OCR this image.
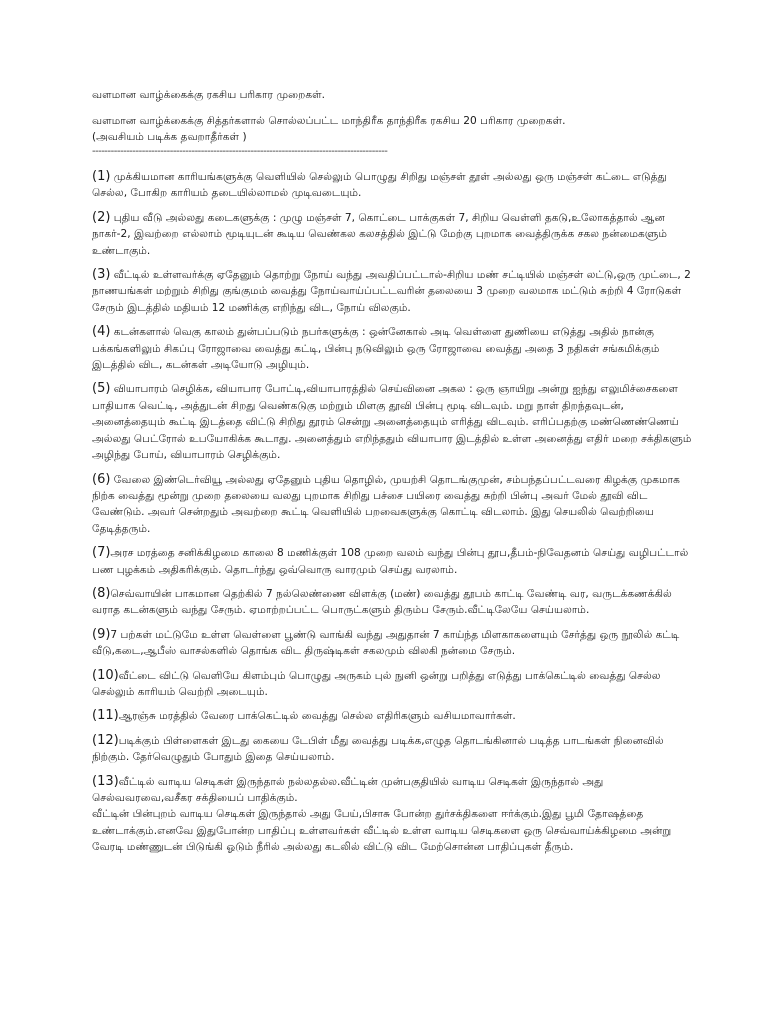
வளமான வாழ்க்கைக்கு ரகசிய பரிகார முறைகள்.

வளமான வாழ்க்கைக்கு சித்தர்களால் சொல்லப்பட்ட மாந்திரீக தாந்திரீக ரகசிய 20 பரிகார முறைகள்.

(அவசியம் படிக்க தவறாதீர்கள் )

-----------------------------------------------------------------------------------------------

(1) முக்கியமான காரியங்களுக்கு வெளியில் செல்லும் பொழுது சிறிது மஞ்சள் தூள் அல்லது ஒரு மஞ்சள் கட்டை எடுத்து செல்ல, போகிற காரியம் தடையில்லாமல் முடிவடையும்.

(2) புதிய வீடு அல்லது கடைகளுக்கு : முழு மஞ்சள் 7, கொட்டை பாக்குகள் 7, சிறிய வெள்ளி தகடு,உலோகத்தால் ஆன நாகர்-2, இவற்றை எல்லாம் மூடியுடன் கூடிய வெண்கல கலசத்தில் இட்டு மேற்கு புறமாக வைத்திருக்க சகல நன்மைகளும் உண்டாகும்.

(3) வீட்டில் உள்ளவர்க்கு ஏதேனும் தொற்று நோய் வந்து அவதிப்பட்டால்-சிறிய மண் சட்டியில் மஞ்சள் லட்டு,ஒரு முட்டை, 2 நாணயங்கள் மற்றும் சிறிது குங்குமம் வைத்து நோய்வாய்ப்பட்டவரின் தலையை 3 முறை வலமாக மட்டும் சுற்றி 4 ரோடுகள் சேரும் இடத்தில் மதியம் 12 மணிக்கு எறிந்து விட, நோய் விலகும்.

(4) கடன்களால் வெகு காலம் துன்பப்படும் நபர்களுக்கு : ஒன்னேகால் அடி வெள்ளை துணியை எடுத்து அதில் நான்கு பக்கங்களிலும் சிகப்பு ரோஜாவை வைத்து கட்டி, பின்பு நடுவிலும் ஒரு ரோஜாவை வைத்து அதை 3 நதிகள் சங்கமிக்கும் இடத்தில் விட, கடன்கள் அடியோடு அழியும்.

(5) வியாபாரம் செழிக்க, வியாபார போட்டி,வியாபாரத்தில் செய்வினை அகல : ஒரு ஞாயிறு அன்று ஐந்து எலுமிச்சைகளை பாதியாக வெட்டி, அத்துடன் சிறது வெண்கடுகு மற்றும் மிளகு தூவி பின்பு மூடி விடவும். மறு நாள் திறந்தவுடன், அனைத்தையும் கூட்டி இடத்தை விட்டு சிறிது தூரம் சென்று அனைத்தையும் எரித்து விடவும். எரிப்பதற்கு மண்ணெண்ணெய் அல்லது பெட்ரோல் உபயோகிக்க கூடாது. அனைத்தும் எறிந்ததும் வியாபார இடத்தில் உள்ள அனைத்து எதிர் மறை சக்திகளும் அழிந்து போய், வியாபாரம் செழிக்கும்.

(6) வேலை இண்டெர்வியூ அல்லது ஏதேனும் புதிய தொழில், முயற்சி தொடங்குமுன், சம்பந்தப்பட்டவரை கிழக்கு முகமாக நிற்க வைத்து மூன்று முறை தலையை வலது புறமாக சிறிது பச்சை பயிரை வைத்து சுற்றி பின்பு அவர் மேல் தூவி விட வேண்டும். அவர் சென்றதும் அவற்றை கூட்டி வெளியில் பறவைகளுக்கு கொட்டி விடலாம். இது செயலில் வெற்றியை தேடித்தரும்.

(7)அரச மரத்தை சனிக்கிழமை காலை 8 மணிக்குள் 108 முறை வலம் வந்து பின்பு தூப,தீபம்-நிவேதனம் செய்து வழிபட்டால் பண புழக்கம் அதிகரிக்கும். தொடர்ந்து ஒவ்வொரு வாரமும் செய்து வரலாம்.

(8)செவ்வாயின் பாகமான தெற்கில் 7 நல்லெண்ணை விளக்கு (மண்) வைத்து தூபம் காட்டி வேண்டி வர, வருடக்கணக்கில் வராத கடன்களும் வந்து சேரும். ஏமாற்றப்பட்ட பொருட்களும் திரும்ப சேரும்.வீட்டிலேயே செய்யலாம்.

(9)7 பற்கள் மட்டுமே உள்ள வெள்ளை பூண்டு வாங்கி வந்து அதுதான் 7 காய்ந்த மிளகாகளையும் சேர்த்து ஒரு நூலில் கட்டி வீடு,கடை,ஆபீஸ் வாசல்களில் தொங்க விட திருஷ்டிகள் சகலமும் விலகி நன்மை சேரும்.

(10)வீட்டை விட்டு வெளியே கிளம்பும் பொழுது அருகம் புல் நுனி ஒன்று பறித்து எடுத்து பாக்கெட்டில் வைத்து செல்ல செல்லும் காரியம் வெற்றி அடையும்.

(11)ஆரஞ்சு மரத்தில் வேரை பாக்கெட்டில் வைத்து செல்ல எதிரிகளும் வசியமாவார்கள்.

(12)படிக்கும் பிள்ளைகள் இடது கையை டேபிள் மீது வைத்து படிக்க,எழுத தொடங்கினால் படித்த பாடங்கள் நினைவில் நிற்கும். தேர்வெழுதும் போதும் இதை செய்யலாம்.

(13)வீட்டில் வாடிய செடிகள் இருந்தால் நல்லதல்ல.வீட்டின் முன்பகுதியில் வாடிய செடிகள் இருந்தால் அது செல்வவரவை,வசீகர சக்தியைப் பாதிக்கும்.
வீட்டின் பின்புறம் வாடிய செடிகள் இருந்தால் அது பேய்,பிசாசு போன்ற துர்சக்திகளை ஈர்க்கும்.இது பூமி தோஷத்தை உண்டாக்கும்.எனவே இதுபோன்ற பாதிப்பு உள்ளவர்கள் வீட்டில் உள்ள வாடிய செடிகளை ஒரு செவ்வாய்க்கிழமை அன்று வேரடி மண்ணுடன் பிடுங்கி ஓடும் நீரில் அல்லது கடலில் விட்டு விட மேற்சொன்ன பாதிப்புகள் தீரும்.
